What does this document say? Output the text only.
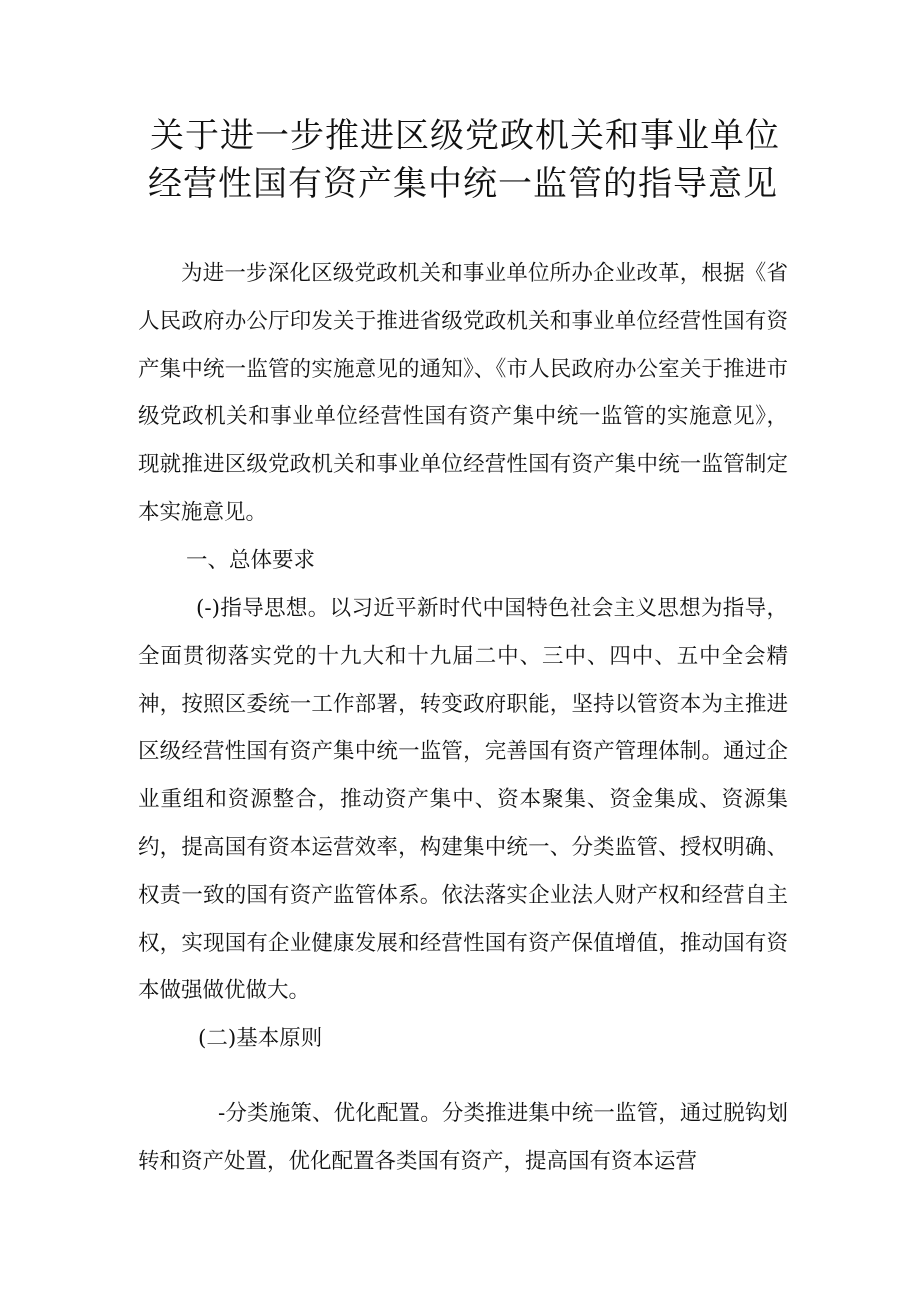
关于进一步推进区级党政机关和事业单位
经营性国有资产集中统一监管的指导意见

为进一步深化区级党政机关和事业单位所办企业改革，根据《省人民政府办公厅印发关于推进省级党政机关和事业单位经营性国有资产集中统一监管的实施意见的通知》、《市人民政府办公室关于推进市级党政机关和事业单位经营性国有资产集中统一监管的实施意见》，现就推进区级党政机关和事业单位经营性国有资产集中统一监管制定本实施意见。

一、总体要求

(-)指导思想。以习近平新时代中国特色社会主义思想为指导，全面贯彻落实党的十九大和十九届二中、三中、四中、五中全会精神，按照区委统一工作部署，转变政府职能，坚持以管资本为主推进区级经营性国有资产集中统一监管，完善国有资产管理体制。通过企业重组和资源整合，推动资产集中、资本聚集、资金集成、资源集约，提高国有资本运营效率，构建集中统一、分类监管、授权明确、权责一致的国有资产监管体系。依法落实企业法人财产权和经营自主权，实现国有企业健康发展和经营性国有资产保值增值，推动国有资本做强做优做大。

(二)基本原则

-分类施策、优化配置。分类推进集中统一监管，通过脱钩划转和资产处置，优化配置各类国有资产，提高国有资本运营
